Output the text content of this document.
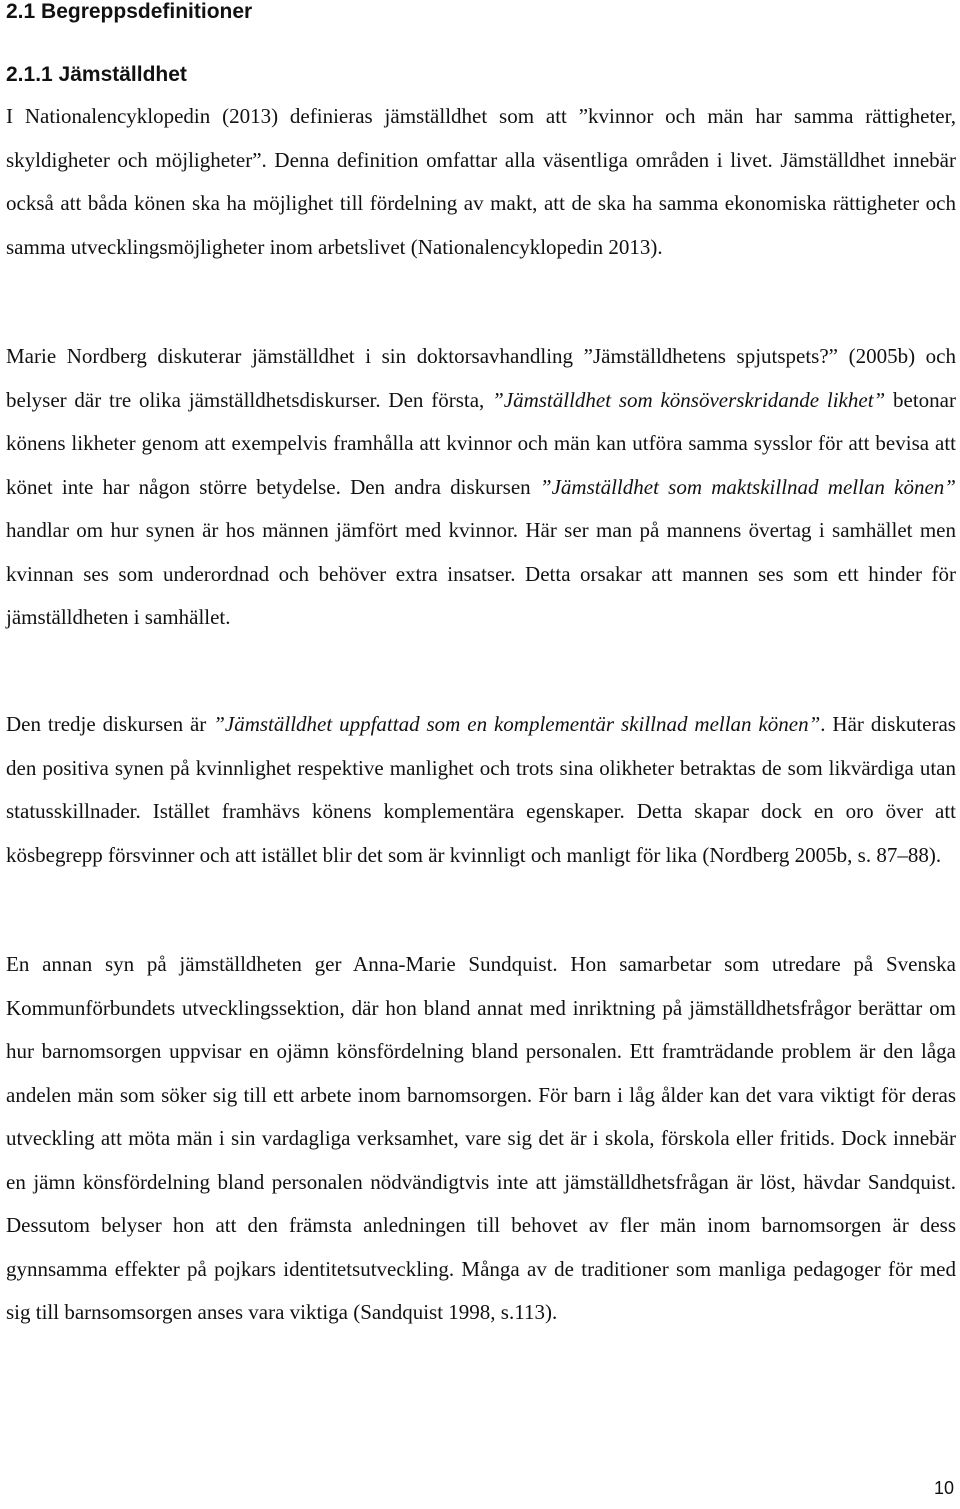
2.1 Begreppsdefinitioner
2.1.1 Jämställdhet

I Nationalencyklopedin (2013) definieras jämställdhet som att ”kvinnor och män har samma rättigheter, skyldigheter och möjligheter”. Denna definition omfattar alla väsentliga områden i livet. Jämställdhet innebär också att båda könen ska ha möjlighet till fördelning av makt, att de ska ha samma ekonomiska rättigheter och samma utvecklingsmöjligheter inom arbetslivet (Nationalencyklopedin 2013).

Marie Nordberg diskuterar jämställdhet i sin doktorsavhandling ”Jämställdhetens spjutspets?” (2005b) och belyser där tre olika jämställdhetsdiskurser. Den första, ”Jämställdhet som könsöverskridande likhet” betonar könens likheter genom att exempelvis framhålla att kvinnor och män kan utföra samma sysslor för att bevisa att könet inte har någon större betydelse. Den andra diskursen ”Jämställdhet som maktskillnad mellan könen” handlar om hur synen är hos männen jämfört med kvinnor. Här ser man på mannens övertag i samhället men kvinnan ses som underordnad och behöver extra insatser. Detta orsakar att mannen ses som ett hinder för jämställdheten i samhället.

Den tredje diskursen är ”Jämställdhet uppfattad som en komplementär skillnad mellan könen”. Här diskuteras den positiva synen på kvinnlighet respektive manlighet och trots sina olikheter betraktas de som likvärdiga utan statusskillnader. Istället framhävs könens komplementära egenskaper. Detta skapar dock en oro över att kösbegrepp försvinner och att istället blir det som är kvinnligt och manligt för lika (Nordberg 2005b, s. 87–88).

En annan syn på jämställdheten ger Anna-Marie Sundquist. Hon samarbetar som utredare på Svenska Kommunförbundets utvecklingssektion, där hon bland annat med inriktning på jämställdhetsfrågor berättar om hur barnomsorgen uppvisar en ojämn könsfördelning bland personalen. Ett framträdande problem är den låga andelen män som söker sig till ett arbete inom barnomsorgen. För barn i låg ålder kan det vara viktigt för deras utveckling att möta män i sin vardagliga verksamhet, vare sig det är i skola, förskola eller fritids. Dock innebär en jämn könsfördelning bland personalen nödvändigtvis inte att jämställdhetsfrågan är löst, hävdar Sandquist. Dessutom belyser hon att den främsta anledningen till behovet av fler män inom barnomsorgen är dess gynnsamma effekter på pojkars identitetsutveckling. Många av de traditioner som manliga pedagoger för med sig till barnsomsorgen anses vara viktiga (Sandquist 1998, s.113).

10
